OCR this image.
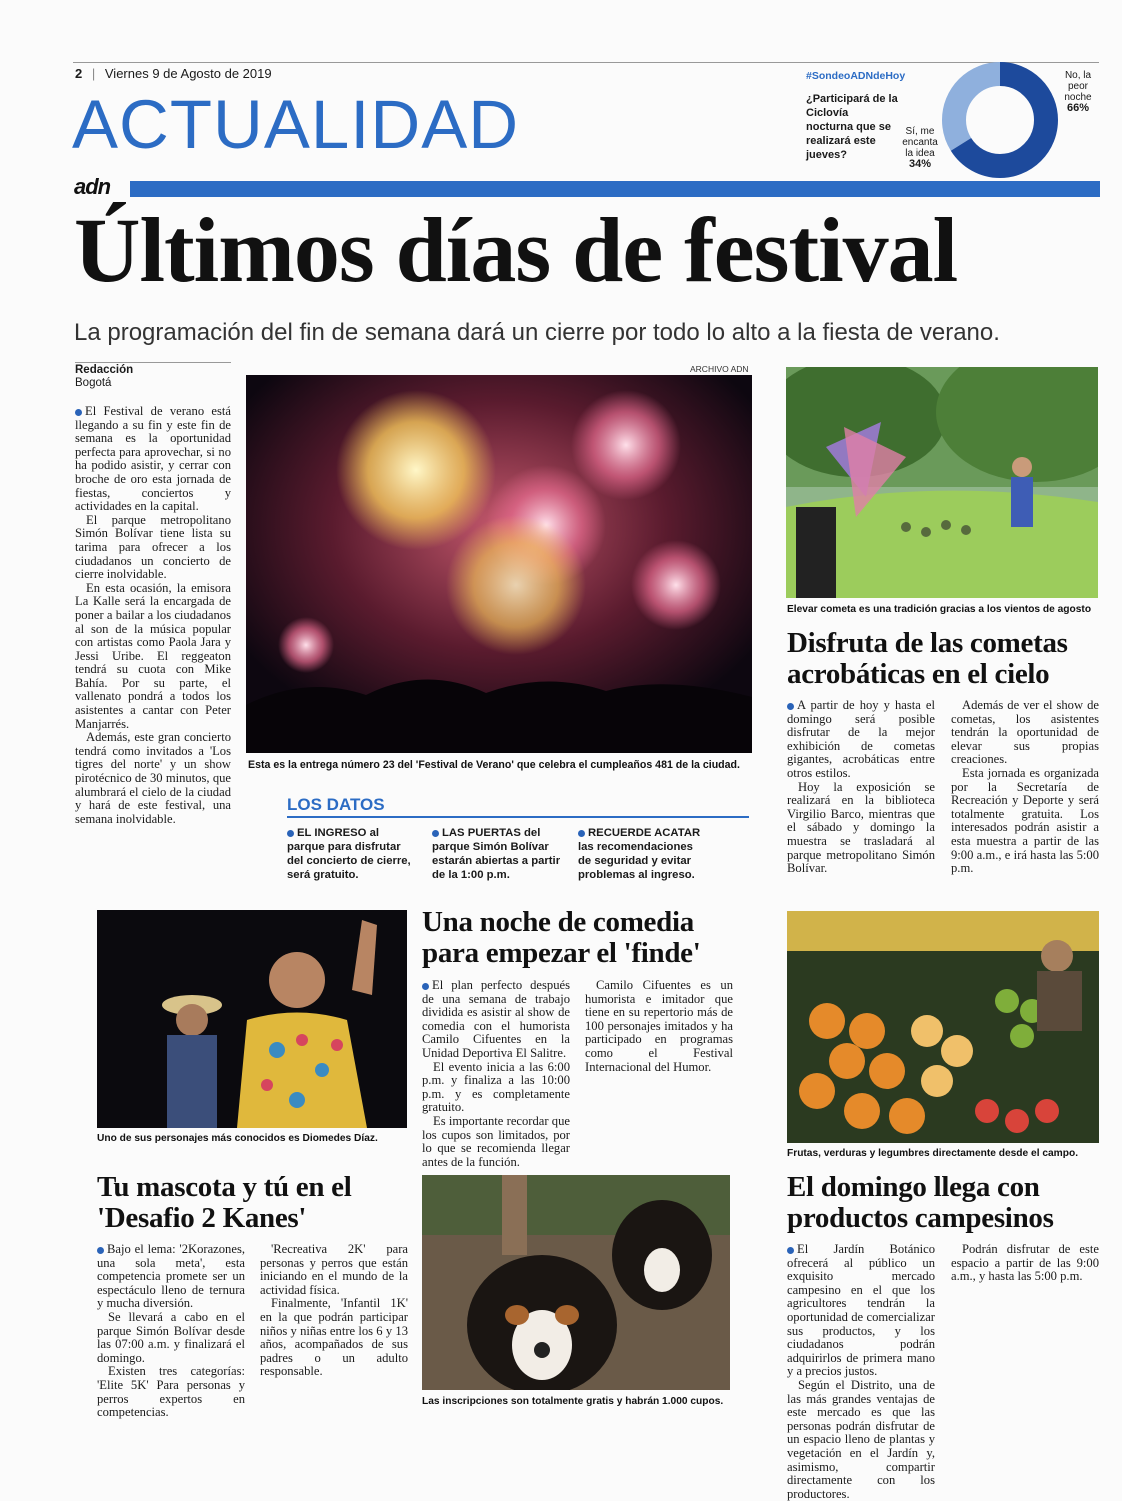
2 | Viernes 9 de Agosto de 2019
ACTUALIDAD
#SondeoADNdeHoy
¿Participará de la Ciclovía nocturna que se realizará este jueves?
No, la peor noche
66%
Sí, me encanta la idea
34%
adn
Últimos días de festival
La programación del fin de semana dará un cierre por todo lo alto a la fiesta de verano.
Redacción
Bogotá

El Festival de verano está llegando a su fin y este fin de semana es la oportunidad perfecta para aprovechar, si no ha podido asistir, y cerrar con broche de oro esta jornada de fiestas, conciertos y actividades en la capital.

El parque metropolitano Simón Bolívar tiene lista su tarima para ofrecer a los ciudadanos un concierto de cierre inolvidable.

En esta ocasión, la emisora La Kalle será la encargada de poner a bailar a los ciudadanos al son de la música popular con artistas como Paola Jara y Jessi Uribe. El reggeaton tendrá su cuota con Mike Bahía. Por su parte, el vallenato pondrá a todos los asistentes a cantar con Peter Manjarrés.

Además, este gran concierto tendrá como invitados a 'Los tigres del norte' y un show pirotécnico de 30 minutos, que alumbrará el cielo de la ciudad y hará de este festival, una semana inolvidable.

ARCHIVO ADN
Esta es la entrega número 23 del 'Festival de Verano' que celebra el cumpleaños 481 de la ciudad.
LOS DATOS
EL INGRESO al parque para disfrutar del concierto de cierre, será gratuito.
LAS PUERTAS del parque Simón Bolívar estarán abiertas a partir de la 1:00 p.m.
RECUERDE ACATAR las recomendaciones de seguridad y evitar problemas al ingreso.
Elevar cometa es una tradición gracias a los vientos de agosto
Disfruta de las cometas acrobáticas en el cielo

A partir de hoy y hasta el domingo será posible disfrutar de la mejor exhibición de cometas gigantes, acrobáticas entre otros estilos.

Hoy la exposición se realizará en la biblioteca Virgilio Barco, mientras que el sábado y domingo la muestra se trasladará al parque metropolitano Simón Bolívar.

Además de ver el show de cometas, los asistentes tendrán la oportunidad de elevar sus propias creaciones.

Esta jornada es organizada por la Secretaría de Recreación y Deporte y será totalmente gratuita. Los interesados podrán asistir a esta muestra a partir de las 9:00 a.m., e irá hasta las 5:00 p.m.

Uno de sus personajes más conocidos es Diomedes Díaz.
Una noche de comedia para empezar el 'finde'

El plan perfecto después de una semana de trabajo dividida es asistir al show de comedia con el humorista Camilo Cifuentes en la Unidad Deportiva El Salitre.

El evento inicia a las 6:00 p.m. y finaliza a las 10:00 p.m. y es completamente gratuito.

Es importante recordar que los cupos son limitados, por lo que se recomienda llegar antes de la función.

Camilo Cifuentes es un humorista e imitador que tiene en su repertorio más de 100 personajes imitados y ha participado en programas como el Festival Internacional del Humor.

Frutas, verduras y legumbres directamente desde el campo.
El domingo llega con productos campesinos

El Jardín Botánico ofrecerá al público un exquisito mercado campesino en el que los agricultores tendrán la oportunidad de comercializar sus productos, y los ciudadanos podrán adquirirlos de primera mano y a precios justos.

Según el Distrito, una de las más grandes ventajas de este mercado es que las personas podrán disfrutar de un espacio lleno de plantas y vegetación en el Jardín y, asimismo, compartir directamente con los productores.

Podrán disfrutar de este espacio a partir de las 9:00 a.m., y hasta las 5:00 p.m.

Tu mascota y tú en el 'Desafio 2 Kanes'

Bajo el lema: '2Korazones, una sola meta', esta competencia promete ser un espectáculo lleno de ternura y mucha diversión.

Se llevará a cabo en el parque Simón Bolívar desde las 07:00 a.m. y finalizará el domingo.

Existen tres categorías: 'Elite 5K' Para personas y perros expertos en competencias.

'Recreativa 2K' para personas y perros que están iniciando en el mundo de la actividad física.

Finalmente, 'Infantil 1K' en la que podrán participar niños y niñas entre los 6 y 13 años, acompañados de sus padres o un adulto responsable.

Las inscripciones son totalmente gratis y habrán 1.000 cupos.
